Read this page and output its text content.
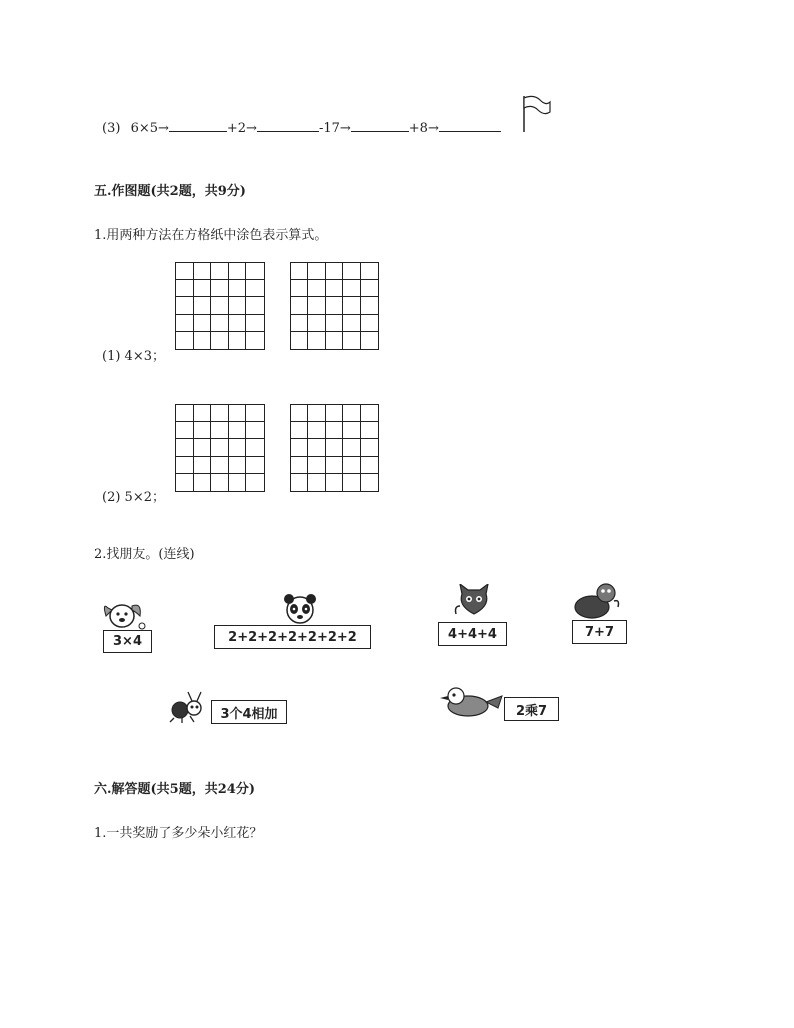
(3) 6×5→	+2→	-17→	+8→
五.作图题(共2题，共9分)
1.用两种方法在方格纸中涂色表示算式。
(1) 4×3；
(2) 5×2；
2.找朋友。(连线)
3×4	2+2+2+2+2+2+2	4+4+4	7+7
3个4相加	2乘7
六.解答题(共5题，共24分)
1.一共奖励了多少朵小红花？
